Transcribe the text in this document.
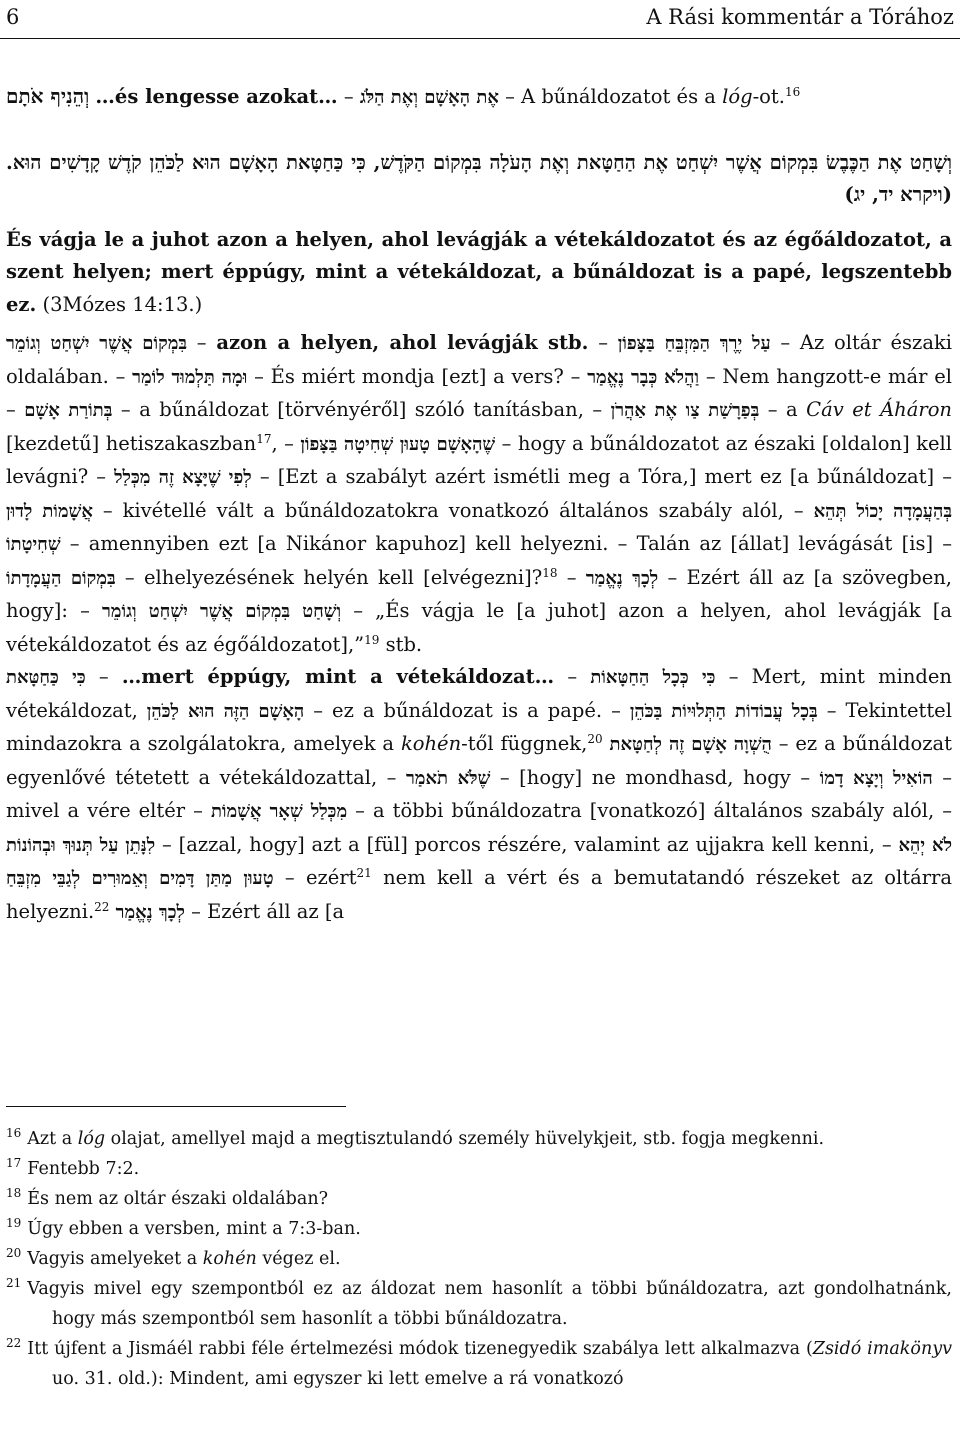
6	A Rási kommentár a Tórához

וְהֵנִיף אֹתָם …és lengesse azokat… – אֶת הָאָשָׁם וְאֶת הַלֹּג – A bűnáldozatot és a lóg-ot.$^{16}$

וְשָׁחַט אֶת הַכֶּבֶשׂ בִּמְקוֹם אֲשֶׁר יִשְׁחַט אֶת הַחַטָּאת וְאֶת הָעֹלָה בִּמְקוֹם הַקֹּדֶשׁ, כִּי כַּחַטָּאת הָאָשָׁם הוּא לַכֹּהֵן קֹדֶשׁ קָדָשִׁים הוּא. (ויקרא יד, יג)

És vágja le a juhot azon a helyen, ahol levágják a vétekáldozatot és az égőáldozatot, a szent helyen; mert éppúgy, mint a vétekáldozat, a bűnáldozat is a papé, legszentebb ez. (3Mózes 14:13.)

בִּמְקוֹם אֲשֶׁר יִשְׁחַט וְגוֹמֵר – azon a helyen, ahol levágják stb. – עַל יֶרֶךְ הַמִּזְבֵּחַ בַּצָּפוֹן – Az oltár északi oldalában. – וּמָה תַּלְמוּד לוֹמַר – És miért mondja [ezt] a vers? – וַהֲלֹא כְּבָר נֶאֱמַר – Nem hangzott-e már el – בְּתוֹרַת אָשָׁם – a bűnáldozat [törvényéről] szóló tanításban, – בְּפַרָשַׁת צַו אֶת אַהֲרֹן – a Cáv et Áháron [kezdetű] hetiszakaszban$^{17}$, – שֶׁהָאָשָׁם טָעוּן שְׁחִיטָה בַּצָּפוֹן – hogy a bűnáldozatot az északi [oldalon] kell levágni? – לְפִי שֶׁיָּצָא זֶה מִכְּלַל – [Ezt a szabályt azért ismétli meg a Tóra,] mert ez [a bűnáldozat] – אֲשָׁמוֹת לָדוּן – kivétellé vált a bűnáldozatokra vonatkozó általános szabály alól, – בְּהַעֲמָדָה יָכוֹל תְּהֵא שְׁחִיטָתוֹ – amennyiben ezt [a Nikánor kapuhoz] kell helyezni. – Talán az [állat] levágását [is] – בִּמְקוֹם הַעֲמָדָתוֹ – elhelyezésének helyén kell [elvégezni]?$^{18}$ – לְכָךְ נֶאֱמַר – Ezért áll az [a szövegben, hogy]: – וְשָׁחַט בִּמְקוֹם אֲשֶׁר יִשְׁחַט וְגוֹמֵר – „És vágja le [a juhot] azon a helyen, ahol levágják [a vétekáldozatot és az égőáldozatot],”$^{19}$ stb.

כִּי כַּחַטָּאת – …mert éppúgy, mint a vétekáldozat… – כִּי כְּכָל הַחַטָּאוֹת – Mert, mint minden vétekáldozat, הָאָשָׁם הַזֶּה הוּא לַכֹּהֵן – ez a bűnáldozat is a papé. – בְּכָל עֲבוֹדוֹת הַתְּלוּיוֹת בַּכֹּהֵן – Tekintettel mindazokra a szolgálatokra, amelyek a kohén-től függnek,$^{20}$ הֻשְׁוָה אָשָׁם זֶה לְחַטָּאת – ez a bűnáldozat egyenlővé tétetett a vétekáldozattal, – שֶׁלֹּא תֹאמַר – [hogy] ne mondhasd, hogy – הוֹאִיל וְיָצָא דָמוֹ – mivel a vére eltér – מִכְּלַל שְׁאָר אֲשָׁמוֹת – a többi bűnáldozatra [vonatkozó] általános szabály alól, – לִנָּתֵן עַל תְּנוּךְ וּבְהוֹנוֹת – [azzal, hogy] azt a [fül] porcos részére, valamint az ujjakra kell kenni, – לֹא יְהֵא טָעוּן מַתַּן דָּמִים וְאֵמוּרִים לְגַבֵּי מִזְבֵּחַ – ezért$^{21}$ nem kell a vért és a bemutatandó részeket az oltárra helyezni.$^{22}$ לְכָךְ נֶאֱמַר – Ezért áll az [a

$^{16}$ Azt a lóg olajat, amellyel majd a megtisztulandó személy hüvelykjeit, stb. fogja megkenni.

$^{17}$ Fentebb 7:2.

$^{18}$ És nem az oltár északi oldalában?

$^{19}$ Úgy ebben a versben, mint a 7:3-ban.

$^{20}$ Vagyis amelyeket a kohén végez el.

$^{21}$ Vagyis mivel egy szempontból ez az áldozat nem hasonlít a többi bűnáldozatra, azt gondolhatnánk, hogy más szempontból sem hasonlít a többi bűnáldozatra.

$^{22}$ Itt újfent a Jismáél rabbi féle értelmezési módok tizenegyedik szabálya lett alkalmazva (Zsidó imakönyv uo. 31. old.): Mindent, ami egyszer ki lett emelve a rá vonatkozó
